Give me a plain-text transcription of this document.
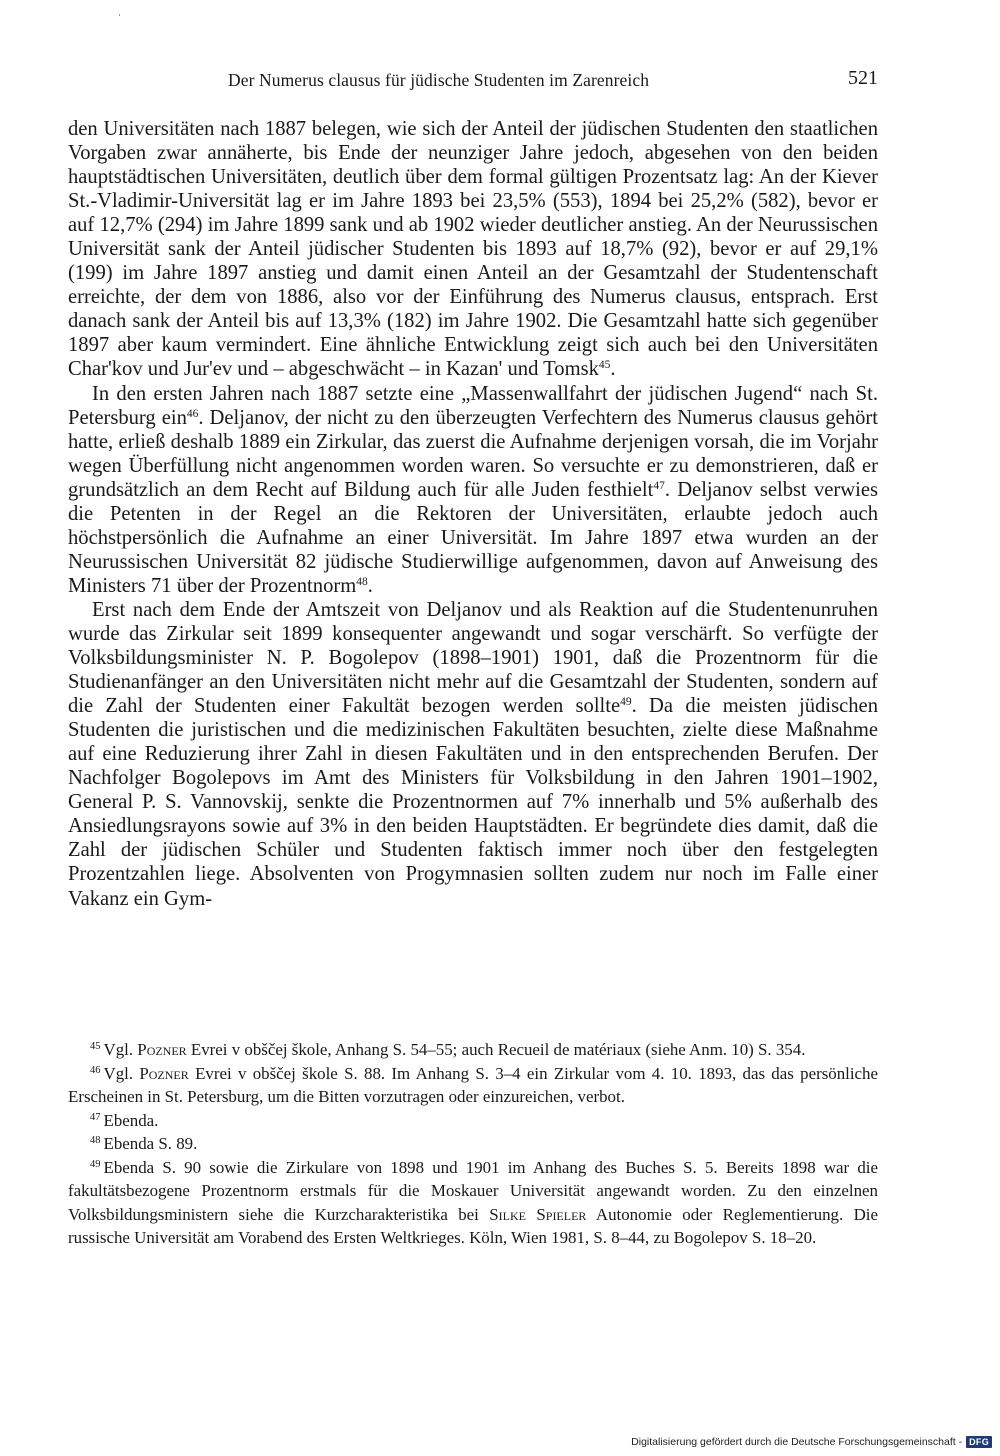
Der Numerus clausus für jüdische Studenten im Zarenreich	521

den Universitäten nach 1887 belegen, wie sich der Anteil der jüdischen Studenten den staatlichen Vorgaben zwar annäherte, bis Ende der neunziger Jahre jedoch, abgesehen von den beiden hauptstädtischen Universitäten, deutlich über dem formal gültigen Prozentsatz lag: An der Kiever St.-Vladimir-Universität lag er im Jahre 1893 bei 23,5% (553), 1894 bei 25,2% (582), bevor er auf 12,7% (294) im Jahre 1899 sank und ab 1902 wieder deutlicher anstieg. An der Neurussischen Universität sank der Anteil jüdischer Studenten bis 1893 auf 18,7% (92), bevor er auf 29,1% (199) im Jahre 1897 anstieg und damit einen Anteil an der Gesamtzahl der Studentenschaft erreichte, der dem von 1886, also vor der Einführung des Numerus clausus, entsprach. Erst danach sank der Anteil bis auf 13,3% (182) im Jahre 1902. Die Gesamtzahl hatte sich gegenüber 1897 aber kaum vermindert. Eine ähnliche Entwicklung zeigt sich auch bei den Universitäten Char'kov und Jur'ev und – abgeschwächt – in Kazan' und Tomsk$^{45}$.

In den ersten Jahren nach 1887 setzte eine „Massenwallfahrt der jüdischen Jugend“ nach St. Petersburg ein$^{46}$. Deljanov, der nicht zu den überzeugten Verfechtern des Numerus clausus gehört hatte, erließ deshalb 1889 ein Zirkular, das zuerst die Aufnahme derjenigen vorsah, die im Vorjahr wegen Überfüllung nicht angenommen worden waren. So versuchte er zu demonstrieren, daß er grundsätzlich an dem Recht auf Bildung auch für alle Juden festhielt$^{47}$. Deljanov selbst verwies die Petenten in der Regel an die Rektoren der Universitäten, erlaubte jedoch auch höchstpersönlich die Aufnahme an einer Universität. Im Jahre 1897 etwa wurden an der Neurussischen Universität 82 jüdische Studierwillige aufgenommen, davon auf Anweisung des Ministers 71 über der Prozentnorm$^{48}$.

Erst nach dem Ende der Amtszeit von Deljanov und als Reaktion auf die Studentenunruhen wurde das Zirkular seit 1899 konsequenter angewandt und sogar verschärft. So verfügte der Volksbildungsminister N. P. Bogolepov (1898–1901) 1901, daß die Prozentnorm für die Studienanfänger an den Universitäten nicht mehr auf die Gesamtzahl der Studenten, sondern auf die Zahl der Studenten einer Fakultät bezogen werden sollte$^{49}$. Da die meisten jüdischen Studenten die juristischen und die medizinischen Fakultäten besuchten, zielte diese Maßnahme auf eine Reduzierung ihrer Zahl in diesen Fakultäten und in den entsprechenden Berufen. Der Nachfolger Bogolepovs im Amt des Ministers für Volksbildung in den Jahren 1901–1902, General P. S. Vannovskij, senkte die Prozentnormen auf 7% innerhalb und 5% außerhalb des Ansiedlungsrayons sowie auf 3% in den beiden Hauptstädten. Er begründete dies damit, daß die Zahl der jüdischen Schüler und Studenten faktisch immer noch über den festgelegten Prozentzahlen liege. Absolventen von Progymnasien sollten zudem nur noch im Falle einer Vakanz ein Gym-

$^{45}$ Vgl. Pozner Evrei v obščej škole, Anhang S. 54–55; auch Recueil de matériaux (siehe Anm. 10) S. 354.

$^{46}$ Vgl. Pozner Evrei v obščej škole S. 88. Im Anhang S. 3–4 ein Zirkular vom 4. 10. 1893, das das persönliche Erscheinen in St. Petersburg, um die Bitten vorzutragen oder einzureichen, verbot.

$^{47}$ Ebenda.

$^{48}$ Ebenda S. 89.

$^{49}$ Ebenda S. 90 sowie die Zirkulare von 1898 und 1901 im Anhang des Buches S. 5. Bereits 1898 war die fakultätsbezogene Prozentnorm erstmals für die Moskauer Universität angewandt worden. Zu den einzelnen Volksbildungsministern siehe die Kurzcharakteristika bei Silke Spieler Autonomie oder Reglementierung. Die russische Universität am Vorabend des Ersten Weltkrieges. Köln, Wien 1981, S. 8–44, zu Bogolepov S. 18–20.

Digitalisierung gefördert durch die Deutsche Forschungsgemeinschaft - DFG
